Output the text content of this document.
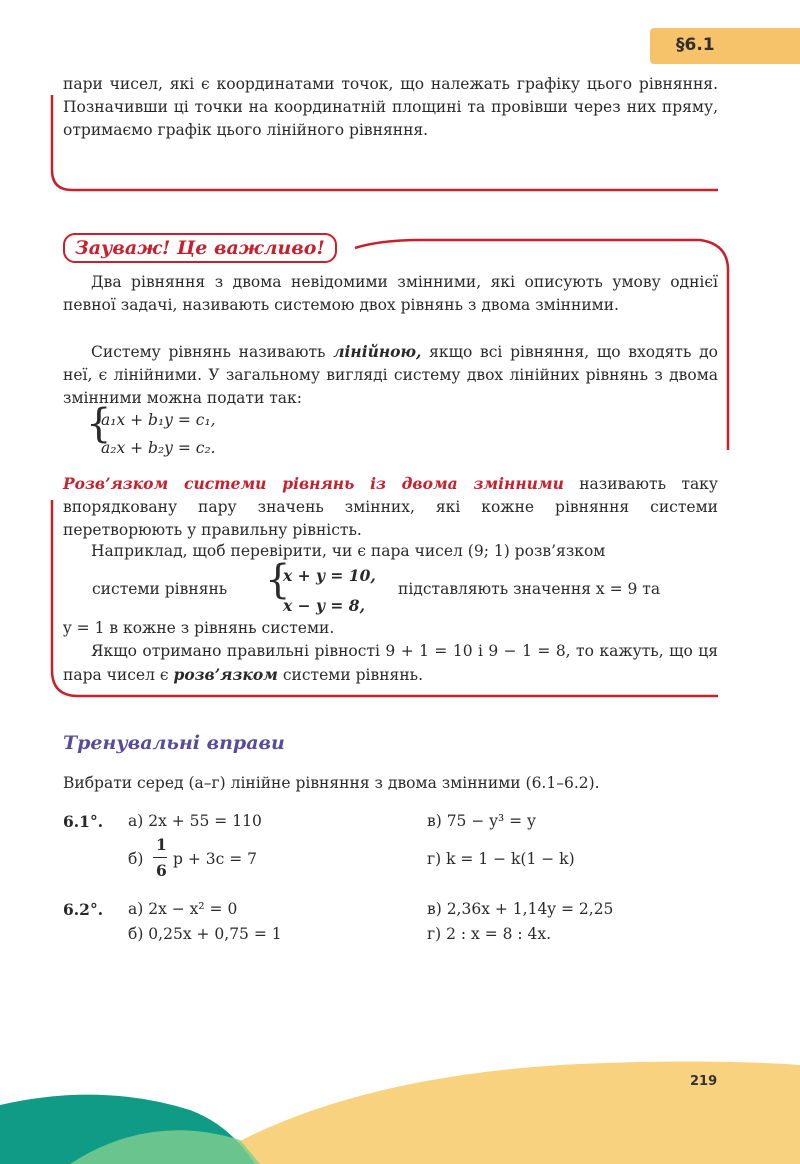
§6.1

пари чисел, які є координатами точок, що належать графіку цього рівняння. Позначивши ці точки на координатній площині та провівши через них пряму, отримаємо графік цього лінійного рівняння.

Зауваж! Це важливо!

Два рівняння з двома невідомими змінними, які описують умову однієї певної задачі, називають системою двох рівнянь з двома змінними.

Систему рівнянь називають лінійною, якщо всі рівняння, що входять до неї, є лінійними. У загальному вигляді систему двох лінійних рівнянь з двома змінними можна подати так:

{
a₁x + b₁y = c₁,
a₂x + b₂y = c₂.

Розв’язком системи рівнянь із двома змінними називають таку впорядковану пару значень змінних, які кожне рівняння системи перетворюють у правильну рівність.

Наприклад, щоб перевірити, чи є пара чисел (9; 1) розв’язком

системи рівнянь {
x + y = 10,
x − y = 8,
підставляють значення x = 9 та

y = 1 в кожне з рівнянь системи.

Якщо отримано правильні рівності 9 + 1 = 10 і 9 − 1 = 8, то кажуть, що ця пара чисел є розв’язком системи рівнянь.

Тренувальні вправи

Вибрати серед (а–г) лінійне рівняння з двома змінними (6.1–6.2).

6.1°. а) 2x + 55 = 110	в) 75 − y³ = y
б)
1
6
p + 3c = 7	г) k = 1 − k(1 − k)
6.2°. а) 2x − x² = 0	в) 2,36x + 1,14y = 2,25
б) 0,25x + 0,75 = 1	г) 2 : x = 8 : 4x.
219
